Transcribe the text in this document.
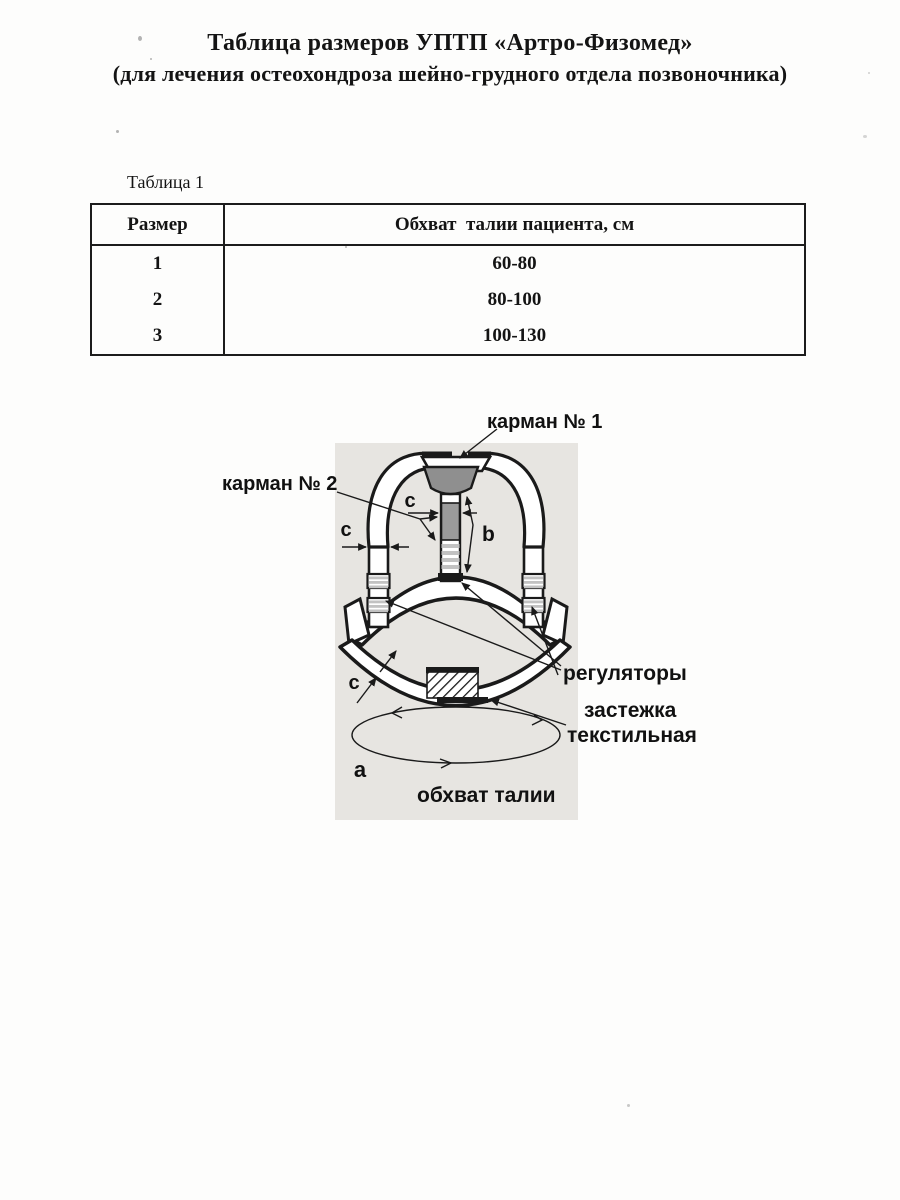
Таблица размеров УПТП «Артро-Физомед»
(для лечения остеохондроза шейно-грудного отдела позвоночника)
Таблица 1
Размер	Обхват  талии пациента, см
1	60-80
2	80-100
3	100-130
карман № 1
карман № 2
регуляторы
застежка
текстильная
обхват талии
с
с
с
b
а
